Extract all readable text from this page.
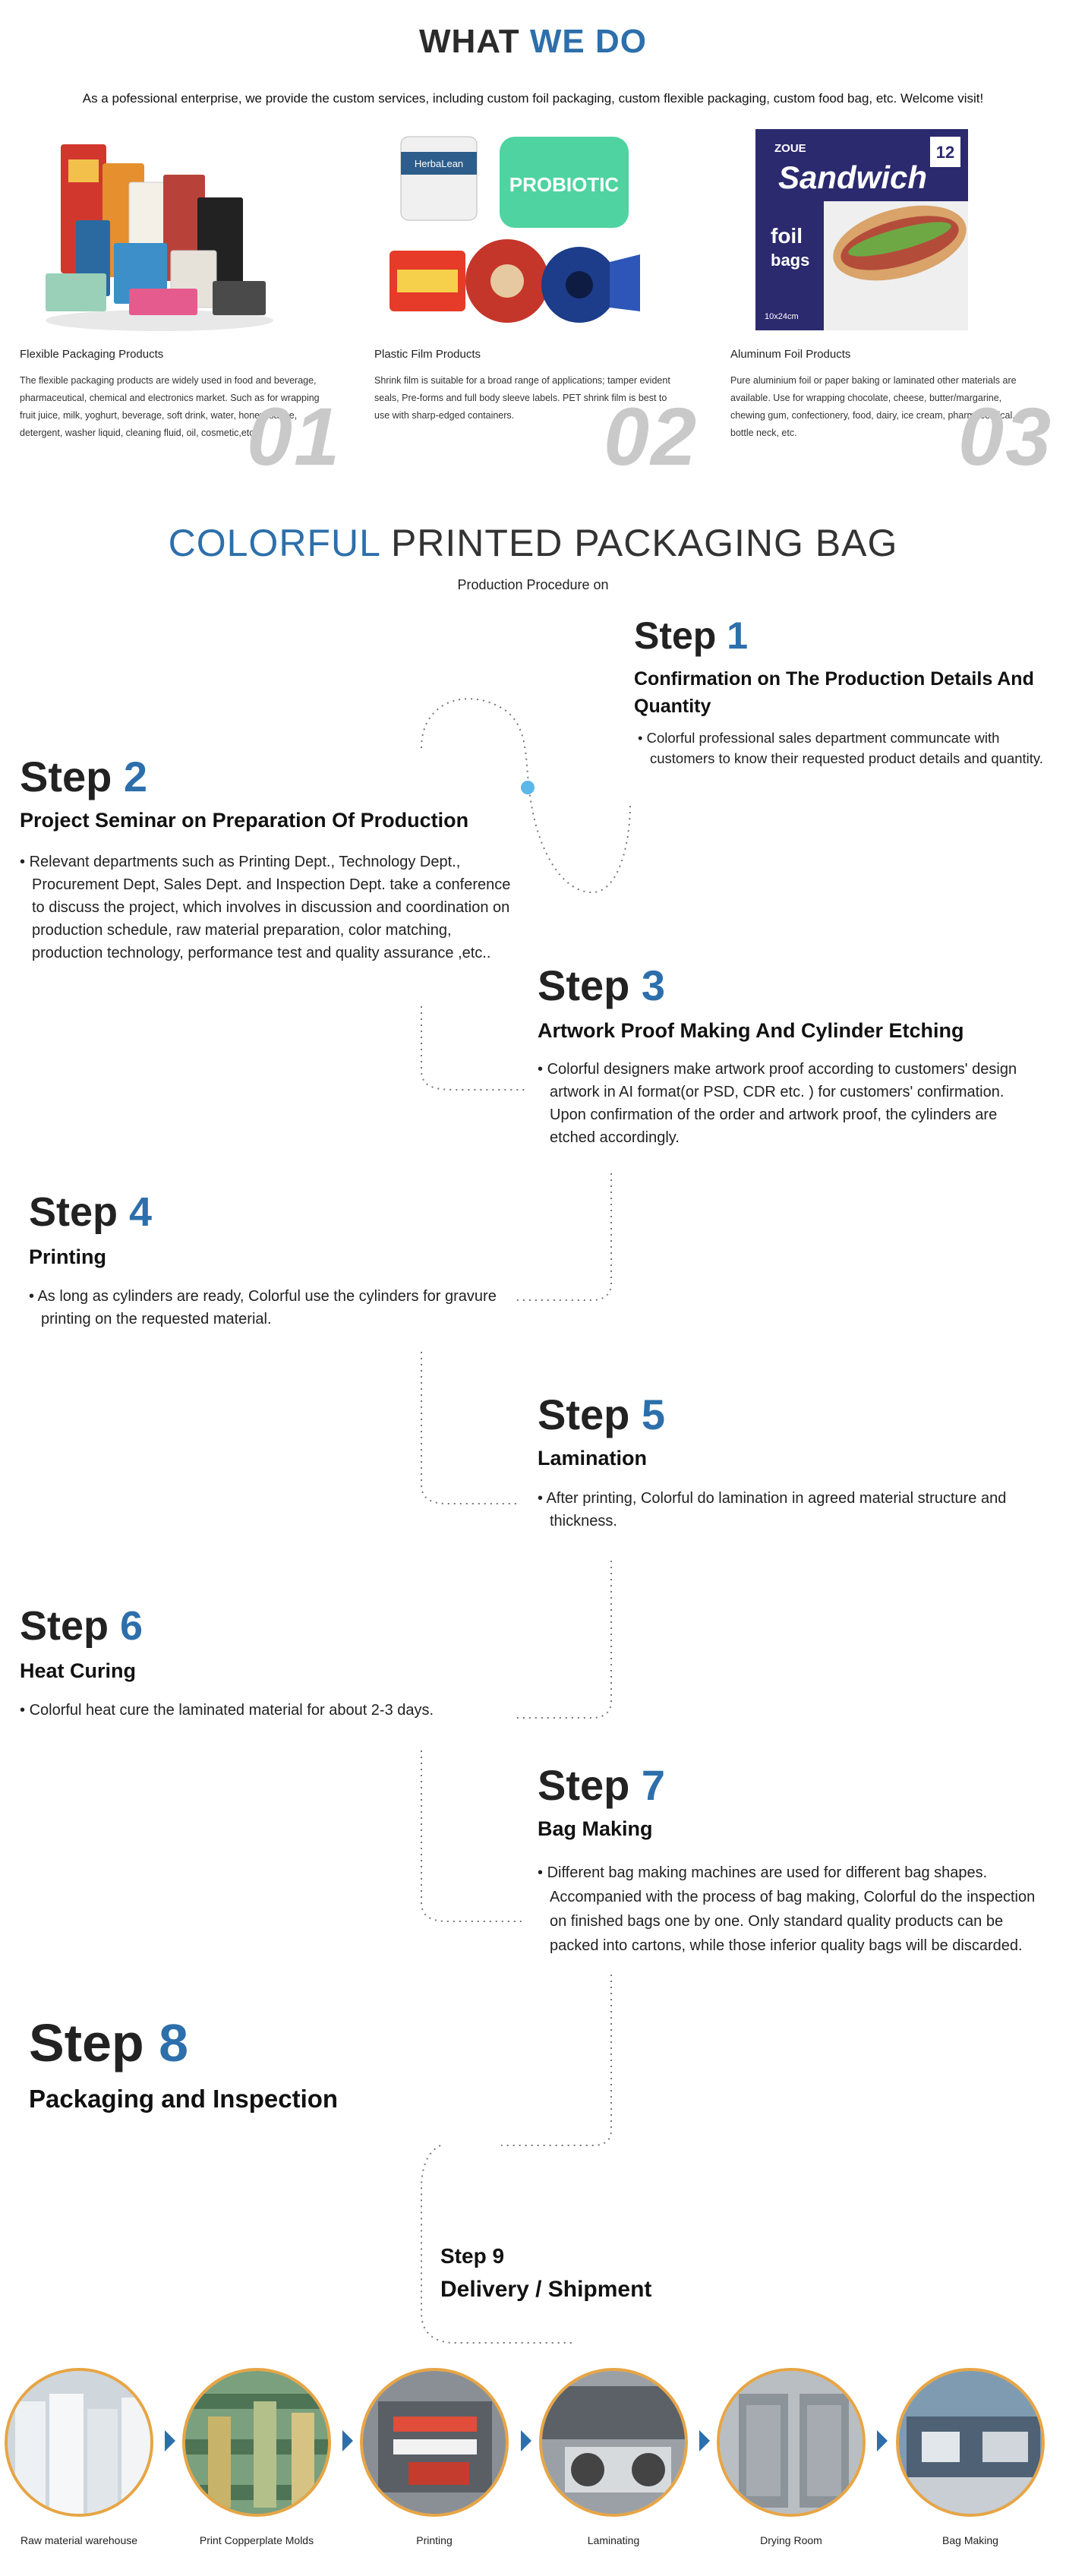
WHAT WE DO
As a pofessional enterprise, we provide the custom services, including custom foil packaging, custom flexible packaging, custom food bag, etc. Welcome visit!
HerbaLean
PROBIOTIC
ZOUE
Sandwich
12
foil
bags
10x24cm
Flexible Packaging Products
The flexible packaging products are widely used in food and beverage, pharmaceutical, chemical and electronics market. Such as for wrapping fruit juice, milk, yoghurt, beverage, soft drink, water, honey, sauce, detergent, washer liquid, cleaning fluid, oil, cosmetic,etc.
01
Plastic Film Products
Shrink film is suitable for a broad range of applications; tamper evident seals, Pre-forms and full body sleeve labels. PET shrink film is best to use with sharp-edged containers.	02
Aluminum Foil Products
Pure aluminium foil or paper baking or laminated other materials are available. Use for wrapping chocolate, cheese, butter/margarine, chewing gum, confectionery, food, dairy, ice cream, pharmaceutical, bottle neck, etc.	03
COLORFUL PRINTED PACKAGING BAG
Production Procedure on
Step 1
Confirmation on The Production Details And Quantity
• Colorful professional sales department communcate with customers to know their requested product details and quantity.
Step 2
Project Seminar on Preparation Of Production
• Relevant departments such as Printing Dept., Technology Dept., Procurement Dept, Sales Dept. and Inspection Dept. take a conference to discuss the project, which involves in discussion and coordination on production schedule, raw material preparation, color matching, production technology, performance test and quality assurance ,etc..
Step 3
Artwork Proof Making And Cylinder Etching
• Colorful designers make artwork proof according to customers' design artwork in AI format(or PSD, CDR etc. ) for customers' confirmation. Upon confirmation of the order and artwork proof, the cylinders are etched accordingly.
Step 4
Printing
• As long as cylinders are ready, Colorful use the cylinders for gravure printing on the requested material.
Step 5
Lamination
• After printing, Colorful do lamination in agreed material structure and thickness.
Step 6
Heat Curing
• Colorful heat cure the laminated material for about 2-3 days.
Step 7
Bag Making
• Different bag making machines are used for different bag shapes. Accompanied with the process of bag making, Colorful do the inspection on finished bags one by one. Only standard quality products can be packed into cartons, while those inferior quality bags will be discarded.
Step 8
Packaging and Inspection
Step 9
Delivery / Shipment
Raw material warehouse	Print Copperplate Molds	Printing	Laminating	Drying Room	Bag Making
